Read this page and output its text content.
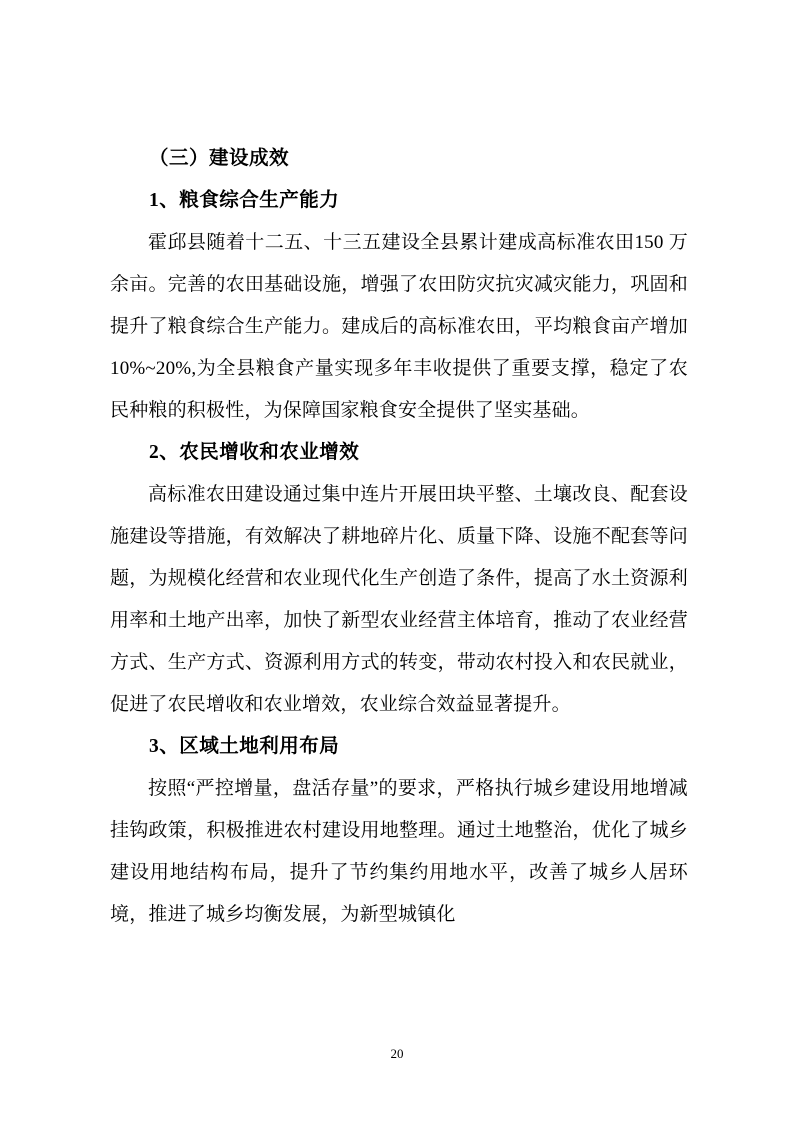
（三）建设成效
1、粮食综合生产能力

霍邱县随着十二五、十三五建设全县累计建成高标准农田150 万余亩。完善的农田基础设施，增强了农田防灾抗灾减灾能力，巩固和提升了粮食综合生产能力。建成后的高标准农田，平均粮食亩产增加 10%~20%,为全县粮食产量实现多年丰收提供了重要支撑，稳定了农民种粮的积极性，为保障国家粮食安全提供了坚实基础。

2、农民增收和农业增效

高标准农田建设通过集中连片开展田块平整、土壤改良、配套设施建设等措施，有效解决了耕地碎片化、质量下降、设施不配套等问题，为规模化经营和农业现代化生产创造了条件，提高了水土资源利用率和土地产出率，加快了新型农业经营主体培育，推动了农业经营方式、生产方式、资源利用方式的转变，带动农村投入和农民就业，促进了农民增收和农业增效，农业综合效益显著提升。

3、区域土地利用布局

按照“严控增量，盘活存量”的要求，严格执行城乡建设用地增减挂钩政策，积极推进农村建设用地整理。通过土地整治，优化了城乡建设用地结构布局，提升了节约集约用地水平，改善了城乡人居环境，推进了城乡均衡发展，为新型城镇化

20
